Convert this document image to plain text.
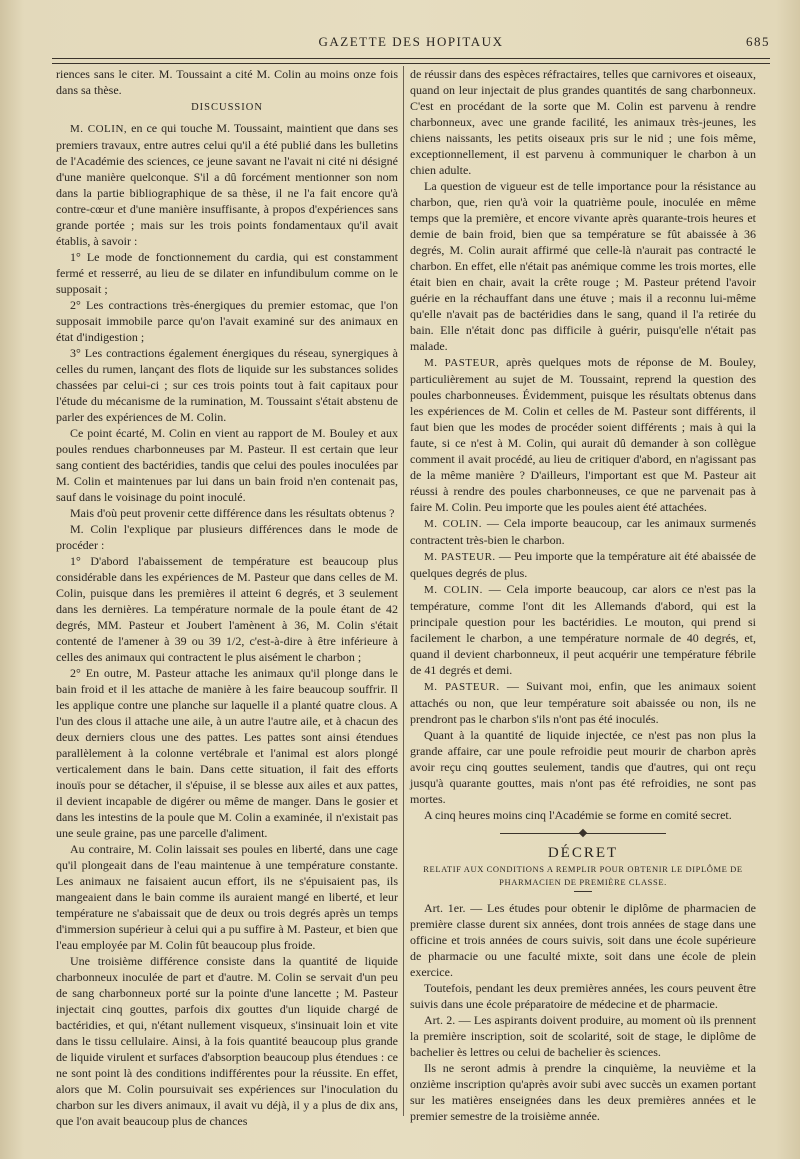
GAZETTE DES HOPITAUX	685

riences sans le citer. M. Toussaint a cité M. Colin au moins onze fois dans sa thèse.

DISCUSSION

M. COLIN, en ce qui touche M. Toussaint, maintient que dans ses premiers travaux, entre autres celui qu'il a été publié dans les bulletins de l'Académie des sciences, ce jeune savant ne l'avait ni cité ni désigné d'une manière quelconque. S'il a dû forcément mentionner son nom dans la partie bibliographique de sa thèse, il ne l'a fait encore qu'à contre-cœur et d'une manière insuffisante, à propos d'expériences sans grande portée ; mais sur les trois points fondamentaux qu'il avait établis, à savoir :

1° Le mode de fonctionnement du cardia, qui est constamment fermé et resserré, au lieu de se dilater en infundibulum comme on le supposait ;

2° Les contractions très-énergiques du premier estomac, que l'on supposait immobile parce qu'on l'avait examiné sur des animaux en état d'indigestion ;

3° Les contractions également énergiques du réseau, synergiques à celles du rumen, lançant des flots de liquide sur les substances solides chassées par celui-ci ; sur ces trois points tout à fait capitaux pour l'étude du mécanisme de la rumination, M. Toussaint s'était abstenu de parler des expériences de M. Colin.

Ce point écarté, M. Colin en vient au rapport de M. Bouley et aux poules rendues charbonneuses par M. Pasteur. Il est certain que leur sang contient des bactéridies, tandis que celui des poules inoculées par M. Colin et maintenues par lui dans un bain froid n'en contenait pas, sauf dans le voisinage du point inoculé.

Mais d'où peut provenir cette différence dans les résultats obtenus ?

M. Colin l'explique par plusieurs différences dans le mode de procéder :

1° D'abord l'abaissement de température est beaucoup plus considérable dans les expériences de M. Pasteur que dans celles de M. Colin, puisque dans les premières il atteint 6 degrés, et 3 seulement dans les dernières. La température normale de la poule étant de 42 degrés, MM. Pasteur et Joubert l'amènent à 36, M. Colin s'était contenté de l'amener à 39 ou 39 1/2, c'est-à-dire à être inférieure à celles des animaux qui contractent le plus aisément le charbon ;

2° En outre, M. Pasteur attache les animaux qu'il plonge dans le bain froid et il les attache de manière à les faire beaucoup souffrir. Il les applique contre une planche sur laquelle il a planté quatre clous. A l'un des clous il attache une aile, à un autre l'autre aile, et à chacun des deux derniers clous une des pattes. Les pattes sont ainsi étendues parallèlement à la colonne vertébrale et l'animal est alors plongé verticalement dans le bain. Dans cette situation, il fait des efforts inouïs pour se détacher, il s'épuise, il se blesse aux ailes et aux pattes, il devient incapable de digérer ou même de manger. Dans le gosier et dans les intestins de la poule que M. Colin a examinée, il n'existait pas une seule graine, pas une parcelle d'aliment.

Au contraire, M. Colin laissait ses poules en liberté, dans une cage qu'il plongeait dans de l'eau maintenue à une température constante. Les animaux ne faisaient aucun effort, ils ne s'épuisaient pas, ils mangeaient dans le bain comme ils auraient mangé en liberté, et leur température ne s'abaissait que de deux ou trois degrés après un temps d'immersion supérieur à celui qui a pu suffire à M. Pasteur, et bien que l'eau employée par M. Colin fût beaucoup plus froide.

Une troisième différence consiste dans la quantité de liquide charbonneux inoculée de part et d'autre. M. Colin se servait d'un peu de sang charbonneux porté sur la pointe d'une lancette ; M. Pasteur injectait cinq gouttes, parfois dix gouttes d'un liquide chargé de bactéridies, et qui, n'étant nullement visqueux, s'insinuait loin et vite dans le tissu cellulaire. Ainsi, à la fois quantité beaucoup plus grande de liquide virulent et surfaces d'absorption beaucoup plus étendues : ce ne sont point là des conditions indifférentes pour la réussite. En effet, alors que M. Colin poursuivait ses expériences sur l'inoculation du charbon sur les divers animaux, il avait vu déjà, il y a plus de dix ans, que l'on avait beaucoup plus de chances

de réussir dans des espèces réfractaires, telles que carnivores et oiseaux, quand on leur injectait de plus grandes quantités de sang charbonneux. C'est en procédant de la sorte que M. Colin est parvenu à rendre charbonneux, avec une grande facilité, les animaux très-jeunes, les chiens naissants, les petits oiseaux pris sur le nid ; une fois même, exceptionnellement, il est parvenu à communiquer le charbon à un chien adulte.

La question de vigueur est de telle importance pour la résistance au charbon, que, rien qu'à voir la quatrième poule, inoculée en même temps que la première, et encore vivante après quarante-trois heures et demie de bain froid, bien que sa température se fût abaissée à 36 degrés, M. Colin aurait affirmé que celle-là n'aurait pas contracté le charbon. En effet, elle n'était pas anémique comme les trois mortes, elle était bien en chair, avait la crête rouge ; M. Pasteur prétend l'avoir guérie en la réchauffant dans une étuve ; mais il a reconnu lui-même qu'elle n'avait pas de bactéridies dans le sang, quand il l'a retirée du bain. Elle n'était donc pas difficile à guérir, puisqu'elle n'était pas malade.

M. PASTEUR, après quelques mots de réponse de M. Bouley, particulièrement au sujet de M. Toussaint, reprend la question des poules charbonneuses. Évidemment, puisque les résultats obtenus dans les expériences de M. Colin et celles de M. Pasteur sont différents, il faut bien que les modes de procéder soient différents ; mais à qui la faute, si ce n'est à M. Colin, qui aurait dû demander à son collègue comment il avait procédé, au lieu de critiquer d'abord, en n'agissant pas de la même manière ? D'ailleurs, l'important est que M. Pasteur ait réussi à rendre des poules charbonneuses, ce que ne parvenait pas à faire M. Colin. Peu importe que les poules aient été attachées.

M. COLIN. — Cela importe beaucoup, car les animaux surmenés contractent très-bien le charbon.

M. PASTEUR. — Peu importe que la température ait été abaissée de quelques degrés de plus.

M. COLIN. — Cela importe beaucoup, car alors ce n'est pas la température, comme l'ont dit les Allemands d'abord, qui est la principale question pour les bactéridies. Le mouton, qui prend si facilement le charbon, a une température normale de 40 degrés, et, quand il devient charbonneux, il peut acquérir une température fébrile de 41 degrés et demi.

M. PASTEUR. — Suivant moi, enfin, que les animaux soient attachés ou non, que leur température soit abaissée ou non, ils ne prendront pas le charbon s'ils n'ont pas été inoculés.

Quant à la quantité de liquide injectée, ce n'est pas non plus la grande affaire, car une poule refroidie peut mourir de charbon après avoir reçu cinq gouttes seulement, tandis que d'autres, qui ont reçu jusqu'à quarante gouttes, mais n'ont pas été refroidies, ne sont pas mortes.

A cinq heures moins cinq l'Académie se forme en comité secret.

DÉCRET
RELATIF AUX CONDITIONS A REMPLIR POUR OBTENIR LE DIPLÔME DE
PHARMACIEN DE PREMIÈRE CLASSE.

Art. 1er. — Les études pour obtenir le diplôme de pharmacien de première classe durent six années, dont trois années de stage dans une officine et trois années de cours suivis, soit dans une école supérieure de pharmacie ou une faculté mixte, soit dans une école de plein exercice.

Toutefois, pendant les deux premières années, les cours peuvent être suivis dans une école préparatoire de médecine et de pharmacie.

Art. 2. — Les aspirants doivent produire, au moment où ils prennent la première inscription, soit de scolarité, soit de stage, le diplôme de bachelier ès lettres ou celui de bachelier ès sciences.

Ils ne seront admis à prendre la cinquième, la neuvième et la onzième inscription qu'après avoir subi avec succès un examen portant sur les matières enseignées dans les deux premières années et le premier semestre de la troisième année.
